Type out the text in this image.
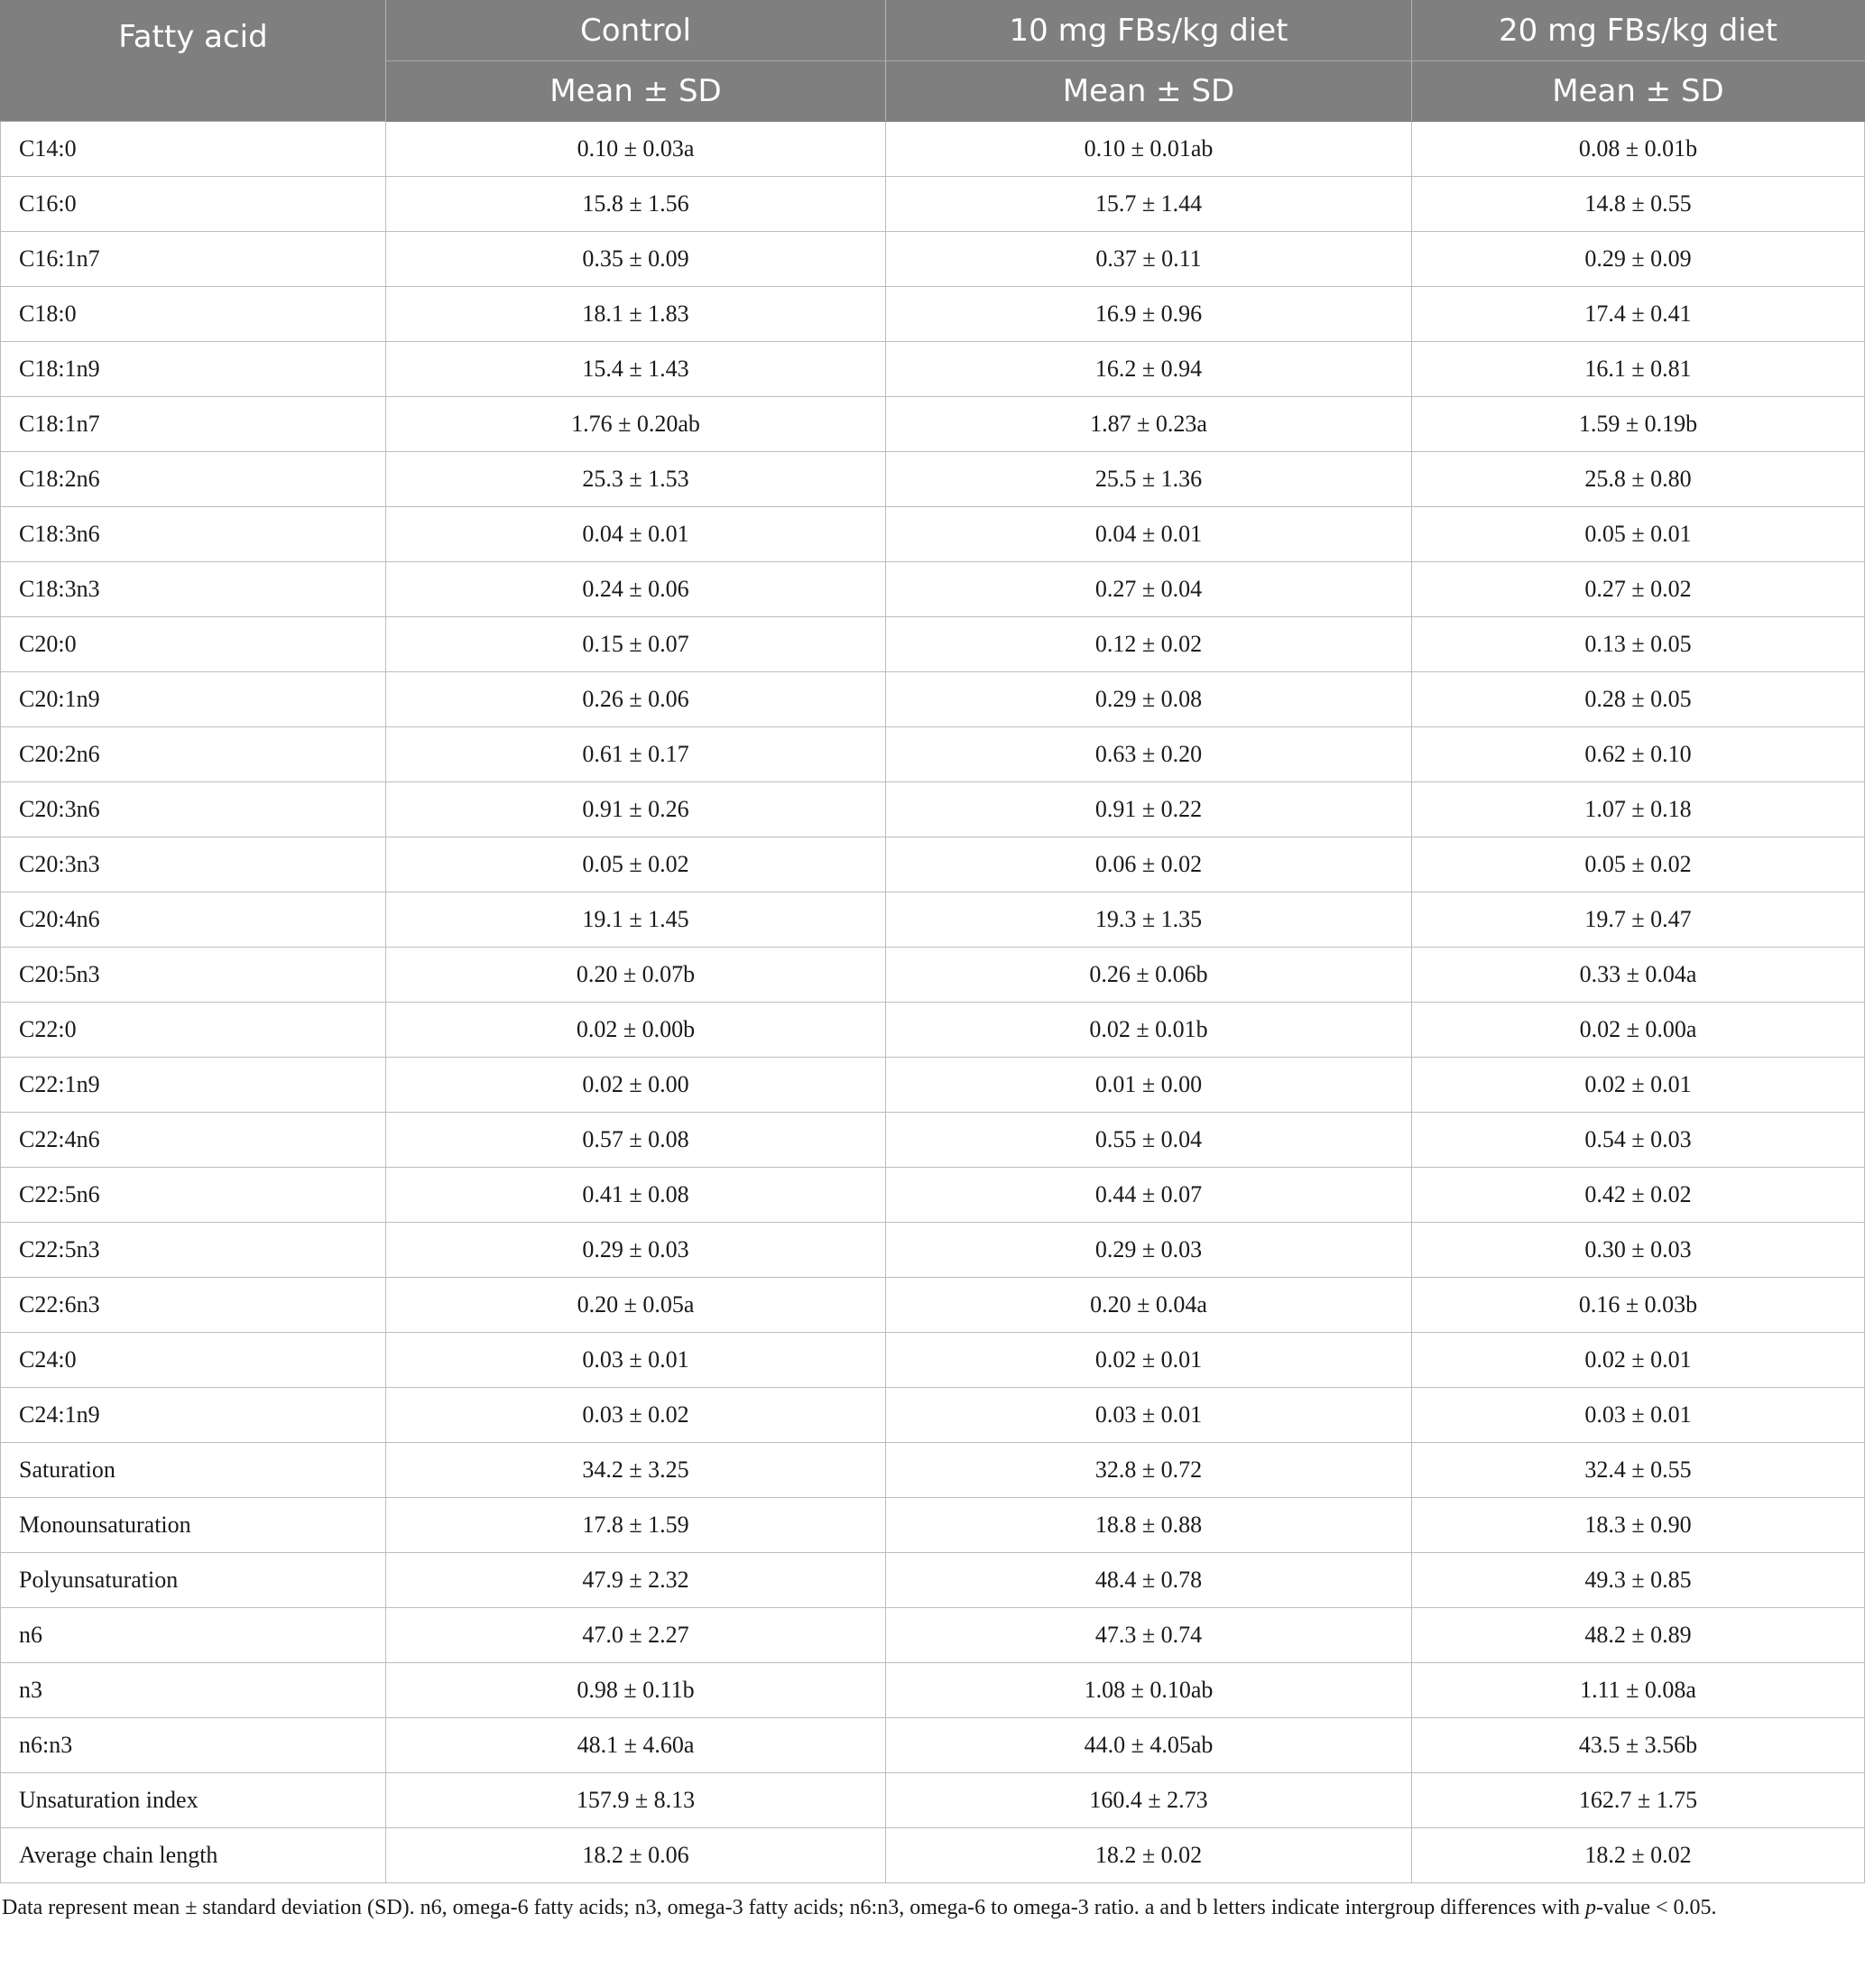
Fatty acid	Control	10 mg FBs/kg diet	20 mg FBs/kg diet
	Mean ± SD	Mean ± SD	Mean ± SD
C14:0	0.10 ± 0.03a	0.10 ± 0.01ab	0.08 ± 0.01b
C16:0	15.8 ± 1.56	15.7 ± 1.44	14.8 ± 0.55
C16:1n7	0.35 ± 0.09	0.37 ± 0.11	0.29 ± 0.09
C18:0	18.1 ± 1.83	16.9 ± 0.96	17.4 ± 0.41
C18:1n9	15.4 ± 1.43	16.2 ± 0.94	16.1 ± 0.81
C18:1n7	1.76 ± 0.20ab	1.87 ± 0.23a	1.59 ± 0.19b
C18:2n6	25.3 ± 1.53	25.5 ± 1.36	25.8 ± 0.80
C18:3n6	0.04 ± 0.01	0.04 ± 0.01	0.05 ± 0.01
C18:3n3	0.24 ± 0.06	0.27 ± 0.04	0.27 ± 0.02
C20:0	0.15 ± 0.07	0.12 ± 0.02	0.13 ± 0.05
C20:1n9	0.26 ± 0.06	0.29 ± 0.08	0.28 ± 0.05
C20:2n6	0.61 ± 0.17	0.63 ± 0.20	0.62 ± 0.10
C20:3n6	0.91 ± 0.26	0.91 ± 0.22	1.07 ± 0.18
C20:3n3	0.05 ± 0.02	0.06 ± 0.02	0.05 ± 0.02
C20:4n6	19.1 ± 1.45	19.3 ± 1.35	19.7 ± 0.47
C20:5n3	0.20 ± 0.07b	0.26 ± 0.06b	0.33 ± 0.04a
C22:0	0.02 ± 0.00b	0.02 ± 0.01b	0.02 ± 0.00a
C22:1n9	0.02 ± 0.00	0.01 ± 0.00	0.02 ± 0.01
C22:4n6	0.57 ± 0.08	0.55 ± 0.04	0.54 ± 0.03
C22:5n6	0.41 ± 0.08	0.44 ± 0.07	0.42 ± 0.02
C22:5n3	0.29 ± 0.03	0.29 ± 0.03	0.30 ± 0.03
C22:6n3	0.20 ± 0.05a	0.20 ± 0.04a	0.16 ± 0.03b
C24:0	0.03 ± 0.01	0.02 ± 0.01	0.02 ± 0.01
C24:1n9	0.03 ± 0.02	0.03 ± 0.01	0.03 ± 0.01
Saturation	34.2 ± 3.25	32.8 ± 0.72	32.4 ± 0.55
Monounsaturation	17.8 ± 1.59	18.8 ± 0.88	18.3 ± 0.90
Polyunsaturation	47.9 ± 2.32	48.4 ± 0.78	49.3 ± 0.85
n6	47.0 ± 2.27	47.3 ± 0.74	48.2 ± 0.89
n3	0.98 ± 0.11b	1.08 ± 0.10ab	1.11 ± 0.08a
n6:n3	48.1 ± 4.60a	44.0 ± 4.05ab	43.5 ± 3.56b
Unsaturation index	157.9 ± 8.13	160.4 ± 2.73	162.7 ± 1.75
Average chain length	18.2 ± 0.06	18.2 ± 0.02	18.2 ± 0.02
Data represent mean ± standard deviation (SD). n6, omega-6 fatty acids; n3, omega-3 fatty acids; n6:n3, omega-6 to omega-3 ratio. a and b letters indicate intergroup differences with p-value < 0.05.
